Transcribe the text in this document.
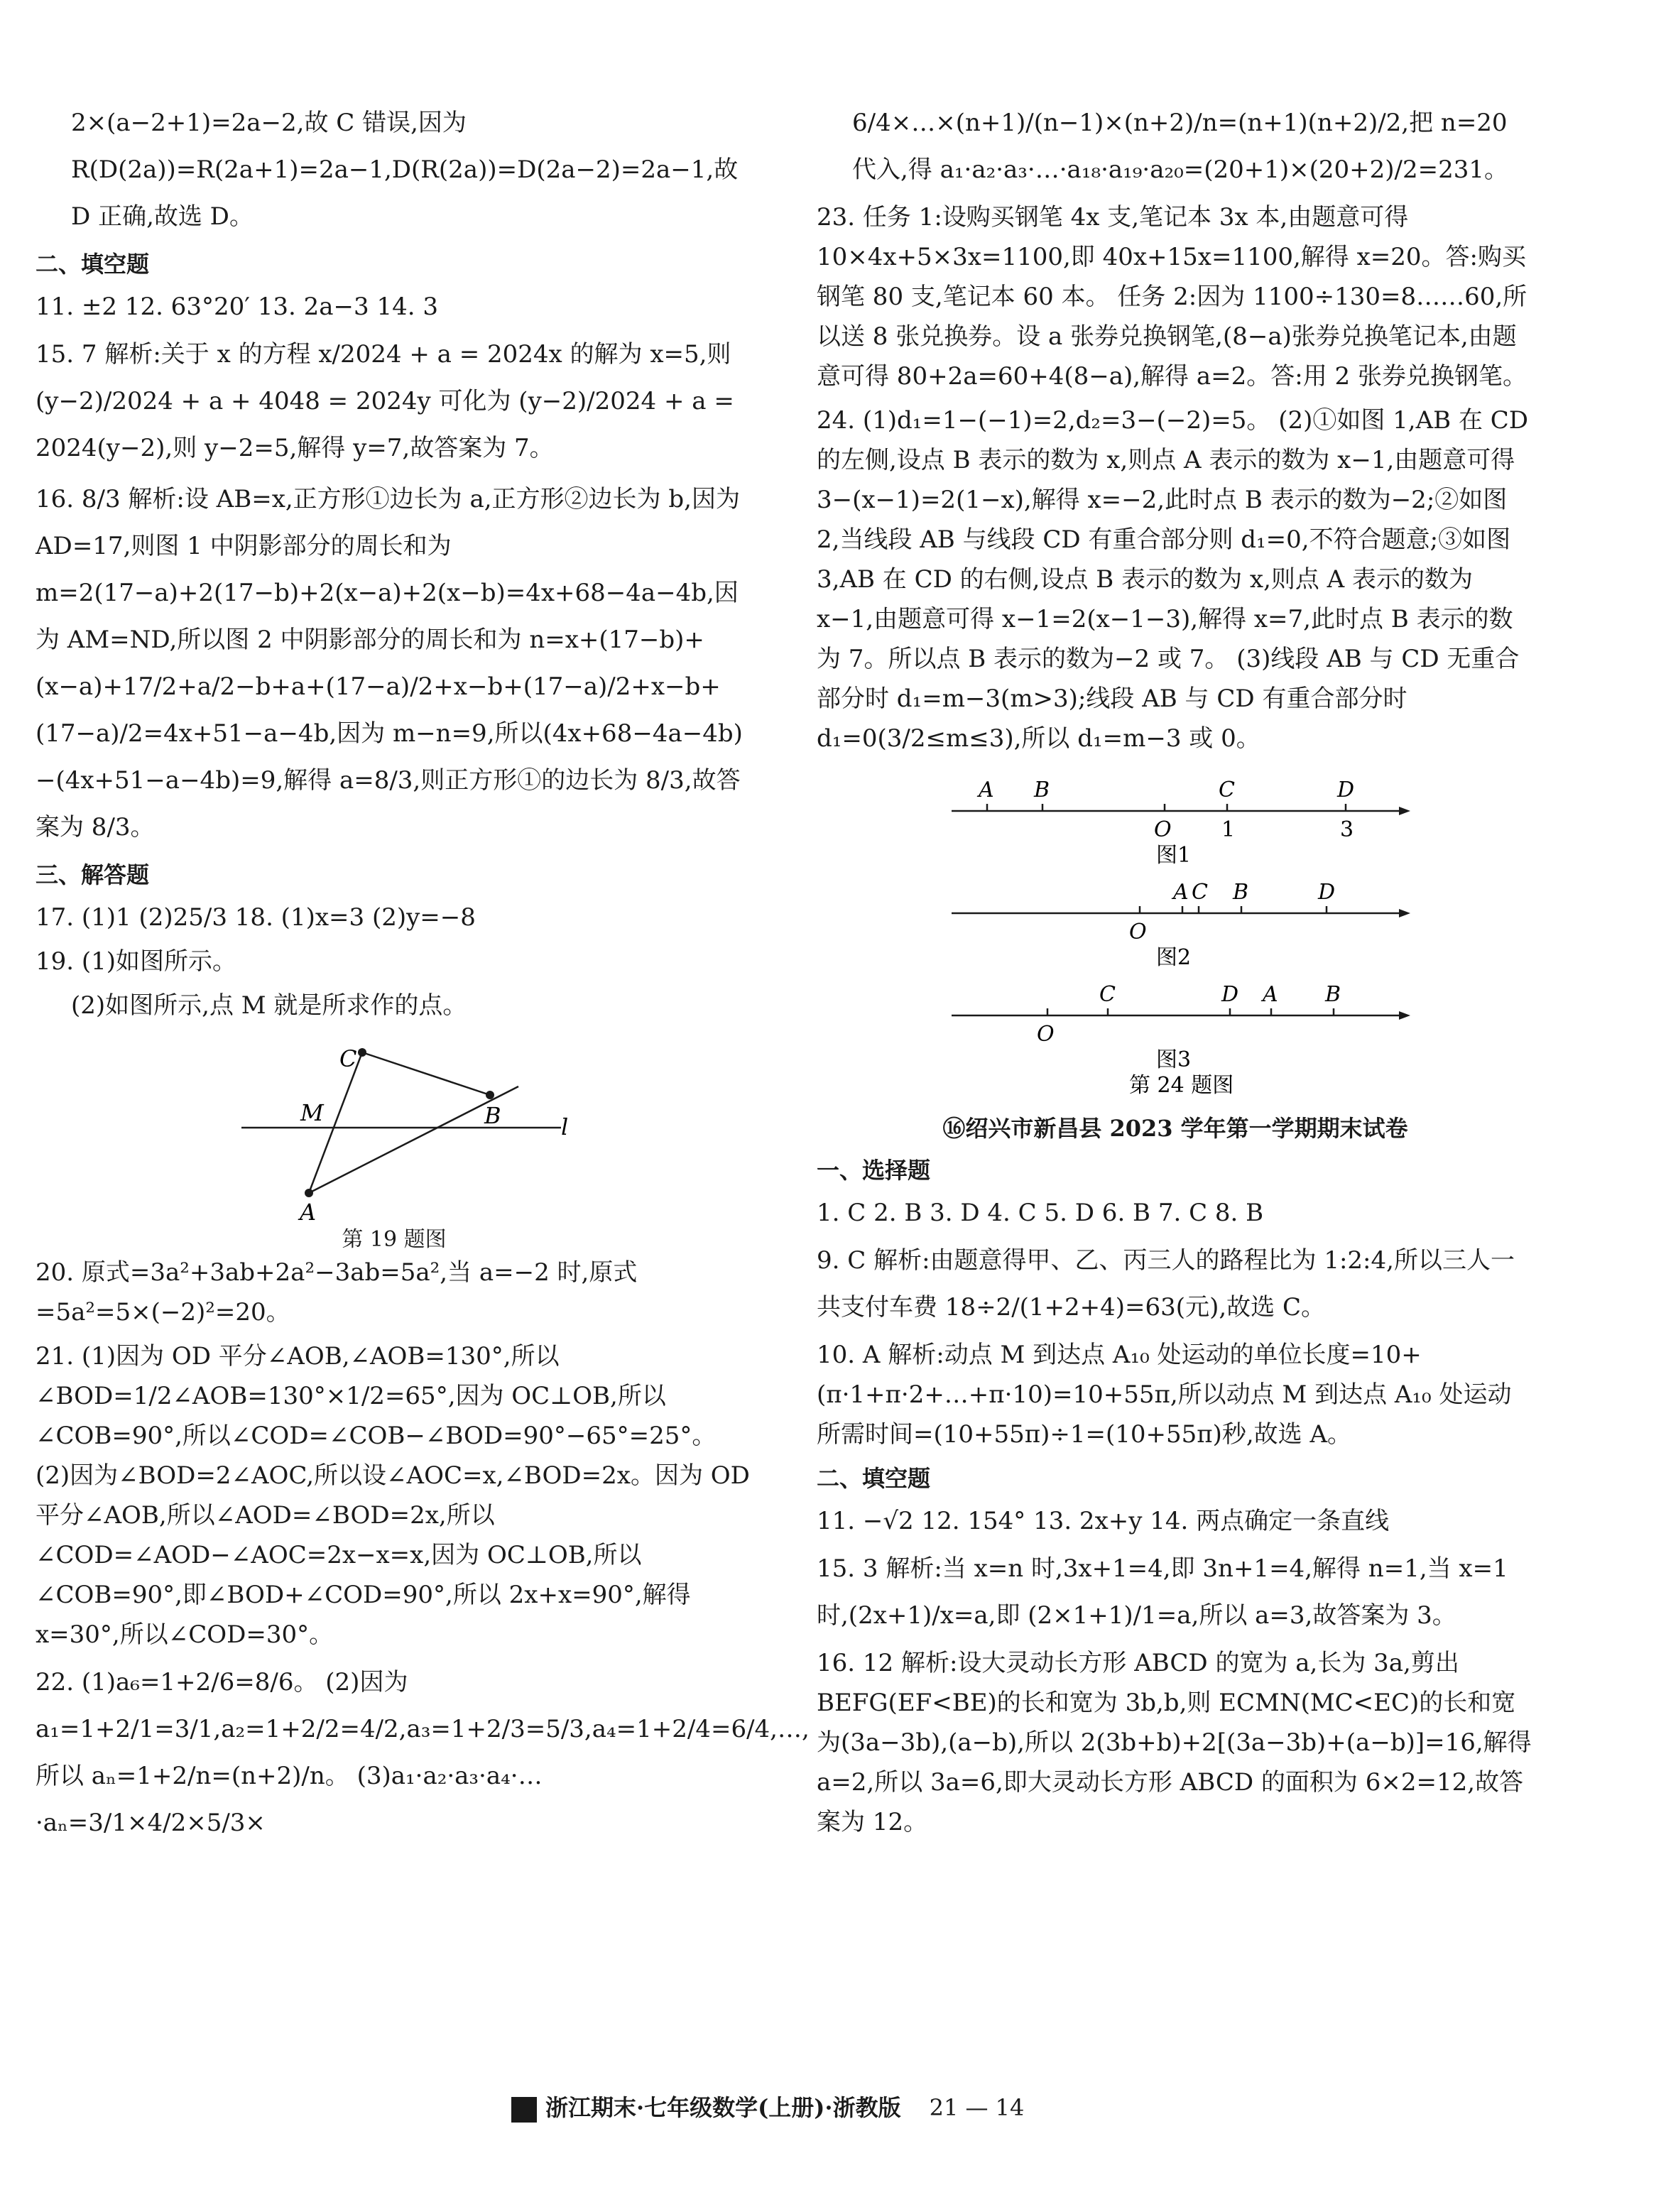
2×(a−2+1)=2a−2,故 C 错误,因为 R(D(2a))=R(2a+1)=2a−1,D(R(2a))=D(2a−2)=2a−1,故 D 正确,故选 D。

二、填空题

11. ±2 12. 63°20′ 13. 2a−3 14. 3

15. 7 解析:关于 x 的方程 x/2024 + a = 2024x 的解为 x=5,则 (y−2)/2024 + a + 4048 = 2024y 可化为 (y−2)/2024 + a = 2024(y−2),则 y−2=5,解得 y=7,故答案为 7。

16. 8/3 解析:设 AB=x,正方形①边长为 a,正方形②边长为 b,因为 AD=17,则图 1 中阴影部分的周长和为 m=2(17−a)+2(17−b)+2(x−a)+2(x−b)=4x+68−4a−4b,因为 AM=ND,所以图 2 中阴影部分的周长和为 n=x+(17−b)+(x−a)+17/2+a/2−b+a+(17−a)/2+x−b+(17−a)/2+x−b+(17−a)/2=4x+51−a−4b,因为 m−n=9,所以(4x+68−4a−4b)−(4x+51−a−4b)=9,解得 a=8/3,则正方形①的边长为 8/3,故答案为 8/3。

三、解答题

17. (1)1 (2)25/3 18. (1)x=3 (2)y=−8

19. (1)如图所示。

(2)如图所示,点 M 就是所求作的点。

C
B
M
A
l
第 19 题图

20. 原式=3a²+3ab+2a²−3ab=5a²,当 a=−2 时,原式=5a²=5×(−2)²=20。

21. (1)因为 OD 平分∠AOB,∠AOB=130°,所以∠BOD=1/2∠AOB=130°×1/2=65°,因为 OC⊥OB,所以∠COB=90°,所以∠COD=∠COB−∠BOD=90°−65°=25°。 (2)因为∠BOD=2∠AOC,所以设∠AOC=x,∠BOD=2x。因为 OD 平分∠AOB,所以∠AOD=∠BOD=2x,所以∠COD=∠AOD−∠AOC=2x−x=x,因为 OC⊥OB,所以∠COB=90°,即∠BOD+∠COD=90°,所以 2x+x=90°,解得 x=30°,所以∠COD=30°。

22. (1)a₆=1+2/6=8/6。 (2)因为 a₁=1+2/1=3/1,a₂=1+2/2=4/2,a₃=1+2/3=5/3,a₄=1+2/4=6/4,…,所以 aₙ=1+2/n=(n+2)/n。 (3)a₁·a₂·a₃·a₄·…·aₙ=3/1×4/2×5/3×

6/4×…×(n+1)/(n−1)×(n+2)/n=(n+1)(n+2)/2,把 n=20 代入,得 a₁·a₂·a₃·…·a₁₈·a₁₉·a₂₀=(20+1)×(20+2)/2=231。

23. 任务 1:设购买钢笔 4x 支,笔记本 3x 本,由题意可得 10×4x+5×3x=1100,即 40x+15x=1100,解得 x=20。答:购买钢笔 80 支,笔记本 60 本。 任务 2:因为 1100÷130=8……60,所以送 8 张兑换券。设 a 张券兑换钢笔,(8−a)张券兑换笔记本,由题意可得 80+2a=60+4(8−a),解得 a=2。答:用 2 张券兑换钢笔。

24. (1)d₁=1−(−1)=2,d₂=3−(−2)=5。 (2)①如图 1,AB 在 CD 的左侧,设点 B 表示的数为 x,则点 A 表示的数为 x−1,由题意可得 3−(x−1)=2(1−x),解得 x=−2,此时点 B 表示的数为−2;②如图 2,当线段 AB 与线段 CD 有重合部分则 d₁=0,不符合题意;③如图 3,AB 在 CD 的右侧,设点 B 表示的数为 x,则点 A 表示的数为 x−1,由题意可得 x−1=2(x−1−3),解得 x=7,此时点 B 表示的数为 7。所以点 B 表示的数为−2 或 7。 (3)线段 AB 与 CD 无重合部分时 d₁=m−3(m>3);线段 AB 与 CD 有重合部分时 d₁=0(3/2≤m≤3),所以 d₁=m−3 或 0。

A B	C	D
O 1	3
图1
A C B	D
O
图2
C	D A B
O
图3
第 24 题图
⑯绍兴市新昌县 2023 学年第一学期期末试卷
一、选择题

1. C 2. B 3. D 4. C 5. D 6. B 7. C 8. B

9. C 解析:由题意得甲、乙、丙三人的路程比为 1:2:4,所以三人一共支付车费 18÷2/(1+2+4)=63(元),故选 C。

10. A 解析:动点 M 到达点 A₁₀ 处运动的单位长度=10+(π·1+π·2+…+π·10)=10+55π,所以动点 M 到达点 A₁₀ 处运动所需时间=(10+55π)÷1=(10+55π)秒,故选 A。

二、填空题

11. −√2 12. 154° 13. 2x+y 14. 两点确定一条直线

15. 3 解析:当 x=n 时,3x+1=4,即 3n+1=4,解得 n=1,当 x=1 时,(2x+1)/x=a,即 (2×1+1)/1=a,所以 a=3,故答案为 3。

16. 12 解析:设大灵动长方形 ABCD 的宽为 a,长为 3a,剪出 BEFG(EF<BE)的长和宽为 3b,b,则 ECMN(MC<EC)的长和宽为(3a−3b),(a−b),所以 2(3b+b)+2[(3a−3b)+(a−b)]=16,解得 a=2,所以 3a=6,即大灵动长方形 ABCD 的面积为 6×2=12,故答案为 12。

浙江期末·七年级数学(上册)·浙教版 21 — 14
